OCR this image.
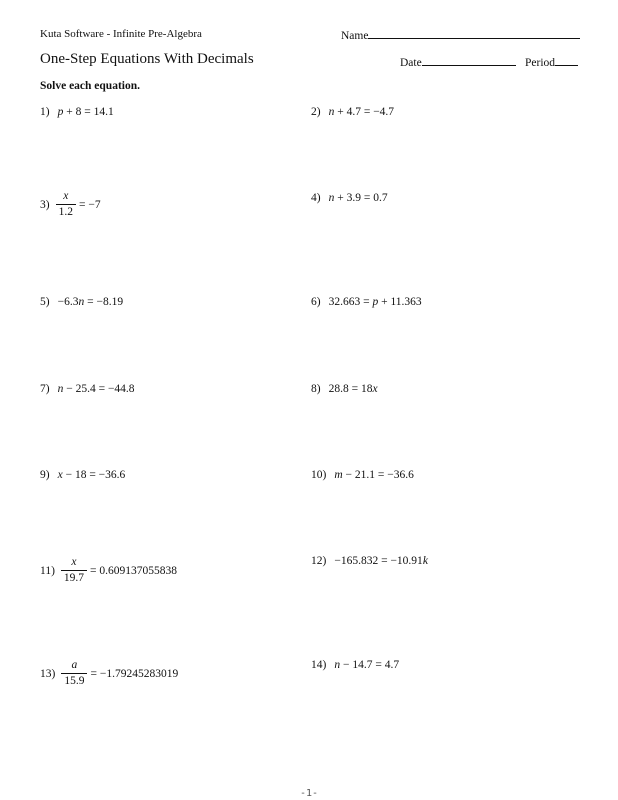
Kuta Software - Infinite Pre-Algebra	Name
One-Step Equations With Decimals	Date	Period
Solve each equation.
1) p + 8 = 14.1	2) n + 4.7 = −4.7
$3) \frac{x}{1.2} = -7$
4) n + 3.9 = 0.7
5) −6.3n = −8.19	6) 32.663 = p + 11.363
7) n − 25.4 = −44.8	8) 28.8 = 18x
9) x − 18 = −36.6	10) m − 21.1 = −36.6
$11) \frac{x}{19.7} = 0.609137055838$
12) −165.832 = −10.91k
$13) \frac{a}{15.9} = -1.79245283019$
14) n − 14.7 = 4.7
-1-
